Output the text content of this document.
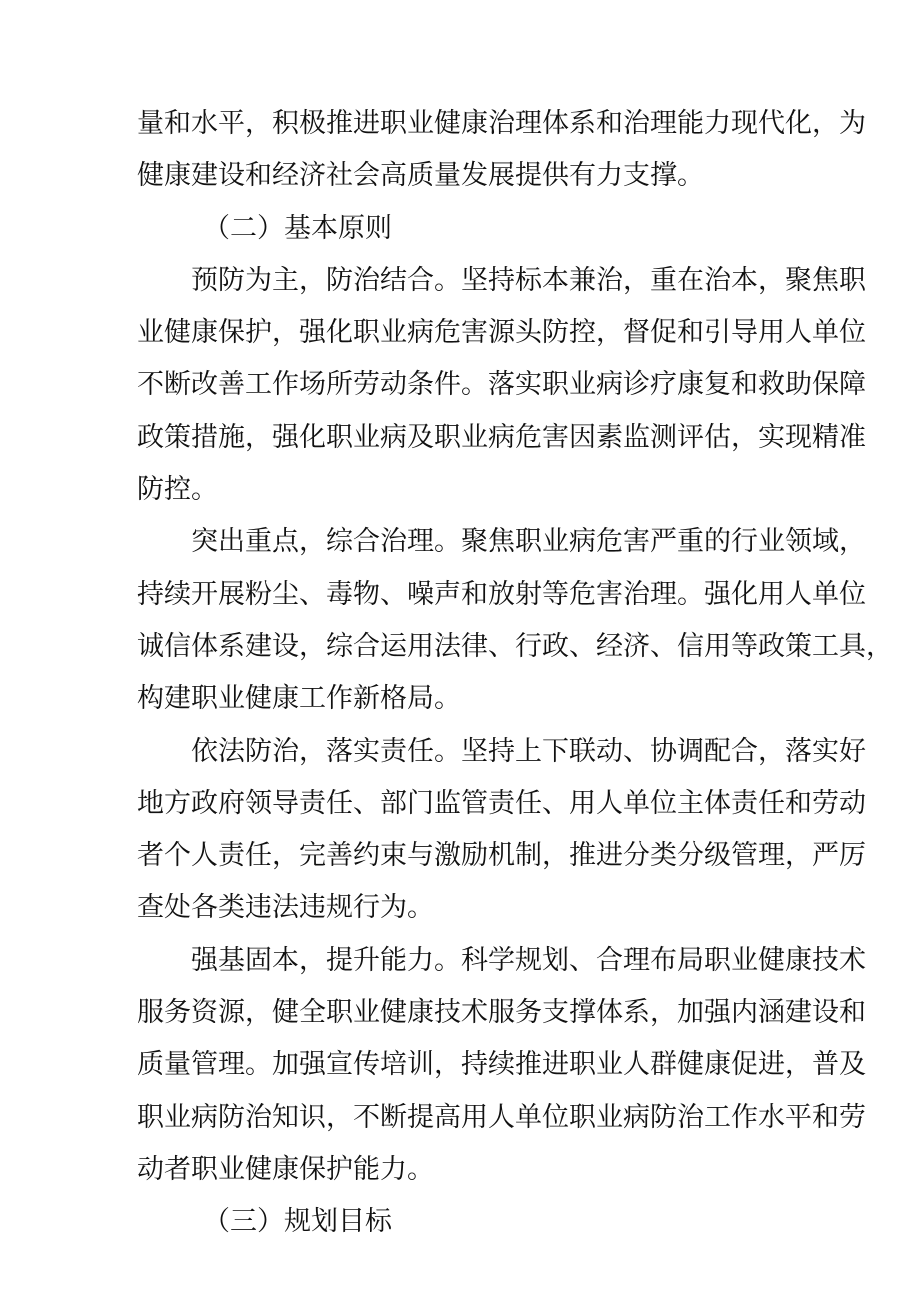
量和水平，积极推进职业健康治理体系和治理能力现代化，为
健康建设和经济社会高质量发展提供有力支撑。
（二）基本原则
预防为主，防治结合。坚持标本兼治，重在治本，聚焦职
业健康保护，强化职业病危害源头防控，督促和引导用人单位
不断改善工作场所劳动条件。落实职业病诊疗康复和救助保障
政策措施，强化职业病及职业病危害因素监测评估，实现精准
防控。
突出重点，综合治理。聚焦职业病危害严重的行业领域，
持续开展粉尘、毒物、噪声和放射等危害治理。强化用人单位
诚信体系建设，综合运用法律、行政、经济、信用等政策工具，
构建职业健康工作新格局。
依法防治，落实责任。坚持上下联动、协调配合，落实好
地方政府领导责任、部门监管责任、用人单位主体责任和劳动
者个人责任，完善约束与激励机制，推进分类分级管理，严厉
查处各类违法违规行为。
强基固本，提升能力。科学规划、合理布局职业健康技术
服务资源，健全职业健康技术服务支撑体系，加强内涵建设和
质量管理。加强宣传培训，持续推进职业人群健康促进，普及
职业病防治知识，不断提高用人单位职业病防治工作水平和劳
动者职业健康保护能力。
（三）规划目标
